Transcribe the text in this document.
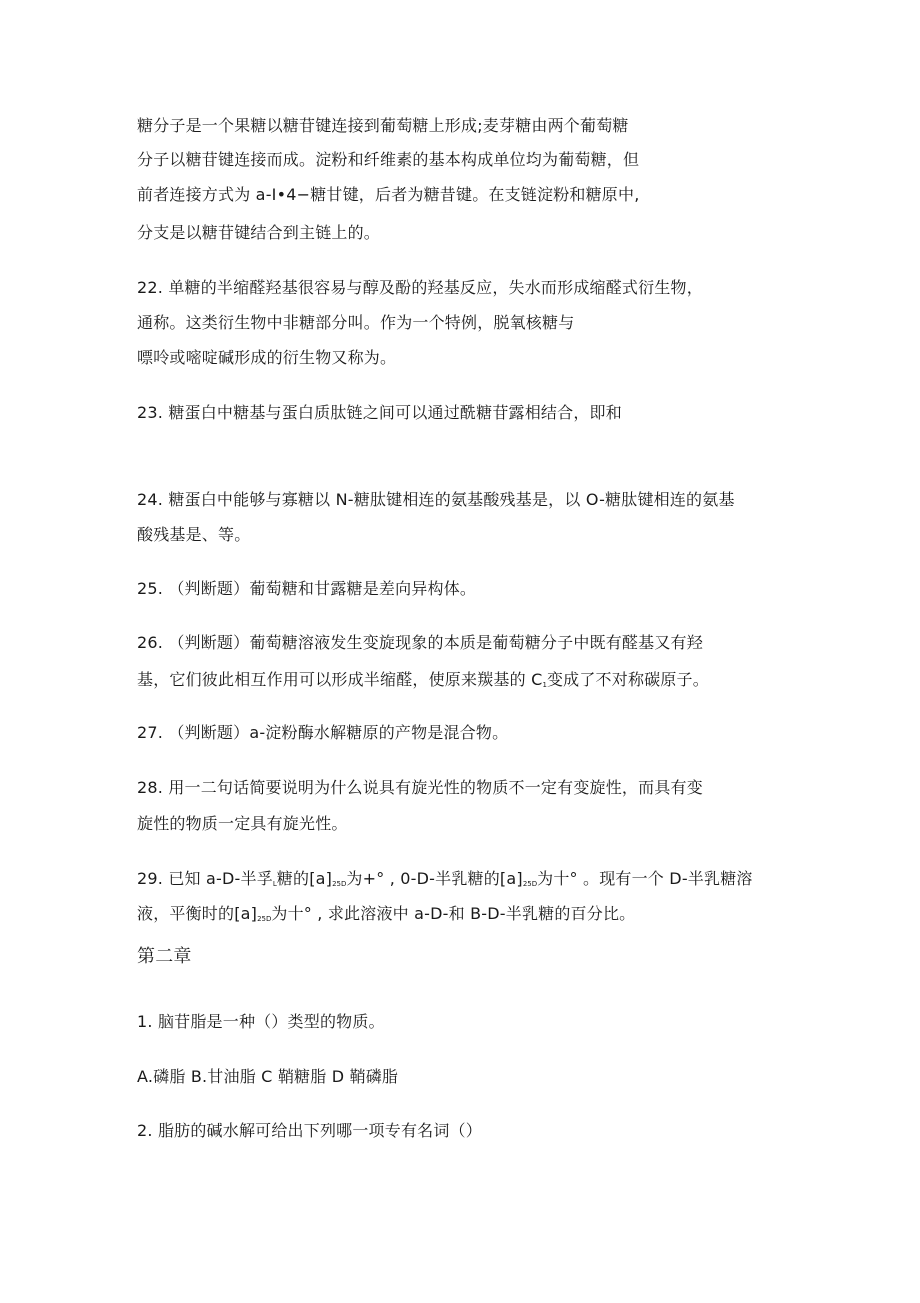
糖分子是一个果糖以糖苷键连接到葡萄糖上形成;麦芽糖由两个葡萄糖
分子以糖苷键连接而成。淀粉和纤维素的基本构成单位均为葡萄糖，但
前者连接方式为 a-I•4−糖甘键，后者为糖昔键。在支链淀粉和糖原中,
分支是以糖苷键结合到主链上的。
22. 单糖的半缩醛羟基很容易与醇及酚的羟基反应，失水而形成缩醛式衍生物，
通称。这类衍生物中非糖部分叫。作为一个特例，脱氧核糖与
嘌呤或嘧啶碱形成的衍生物又称为。
23. 糖蛋白中糖基与蛋白质肽链之间可以通过酰糖苷露相结合，即和
24. 糖蛋白中能够与寡糖以 N-糖肽键相连的氨基酸残基是，以 O-糖肽键相连的氨基
酸残基是、等。
25. （判断题）葡萄糖和甘露糖是差向异构体。
26. （判断题）葡萄糖溶液发生变旋现象的本质是葡萄糖分子中既有醛基又有羟
基，它们彼此相互作用可以形成半缩醛，使原来羰基的 $C_1$变成了不对称碳原子。
27. （判断题）a-淀粉酶水解糖原的产物是混合物。
28. 用一二句话简要说明为什么说具有旋光性的物质不一定有变旋性，而具有变
旋性的物质一定具有旋光性。
29. 已知 a-D-半孚$_L$糖的$[a]_{25D}$为+° , 0-D-半乳糖的$[a]_{25D}$为十° 。现有一个 D-半乳糖溶
液，平衡时的$[a]_{25D}$为十° , 求此溶液中 a-D-和 B-D-半乳糖的百分比。
第二章
1. 脑苷脂是一种（）类型的物质。
A.磷脂 B.甘油脂 C 鞘糖脂 D 鞘磷脂
2. 脂肪的碱水解可给出下列哪一项专有名词（）
